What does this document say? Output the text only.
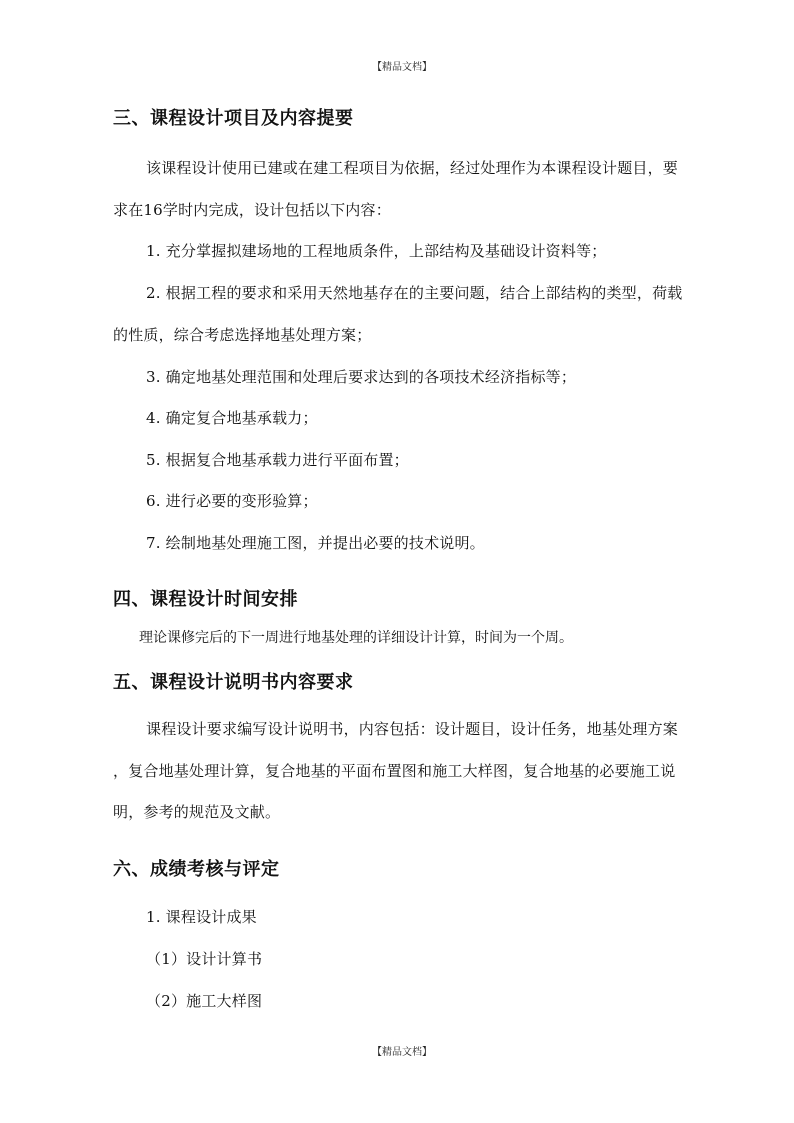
【精品文档】
三、课程设计项目及内容提要
该课程设计使用已建或在建工程项目为依据，经过处理作为本课程设计题目，要
求在16学时内完成，设计包括以下内容：
1. 充分掌握拟建场地的工程地质条件，上部结构及基础设计资料等；
2. 根据工程的要求和采用天然地基存在的主要问题，结合上部结构的类型，荷载
的性质，综合考虑选择地基处理方案；
3. 确定地基处理范围和处理后要求达到的各项技术经济指标等；
4. 确定复合地基承载力；
5. 根据复合地基承载力进行平面布置；
6. 进行必要的变形验算；
7. 绘制地基处理施工图，并提出必要的技术说明。
四、课程设计时间安排
理论课修完后的下一周进行地基处理的详细设计计算，时间为一个周。
五、课程设计说明书内容要求
课程设计要求编写设计说明书，内容包括：设计题目，设计任务，地基处理方案
，复合地基处理计算，复合地基的平面布置图和施工大样图，复合地基的必要施工说
明，参考的规范及文献。
六、成绩考核与评定
1. 课程设计成果
（1）设计计算书
（2）施工大样图
【精品文档】
